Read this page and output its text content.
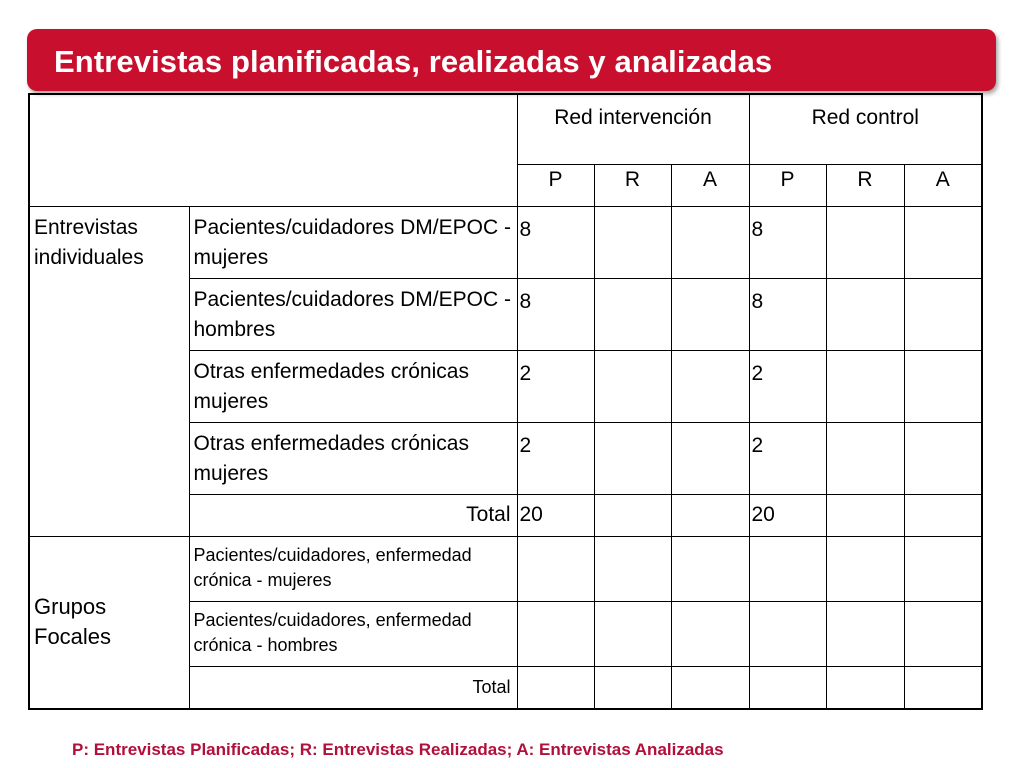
Entrevistas planificadas, realizadas y analizadas
		Red intervención			Red control		
		P	R	A	P	R	A
Entrevistas individuales	Pacientes/cuidadores DM/EPOC - mujeres	8			8		
	Pacientes/cuidadores DM/EPOC - hombres	8			8		
	Otras enfermedades crónicas mujeres	2			2		
	Otras enfermedades crónicas mujeres	2			2		
	Total	20			20		
Grupos Focales	Pacientes/cuidadores, enfermedad crónica - mujeres						
	Pacientes/cuidadores, enfermedad crónica - hombres						
	Total						
P: Entrevistas Planificadas; R: Entrevistas Realizadas; A: Entrevistas Analizadas
